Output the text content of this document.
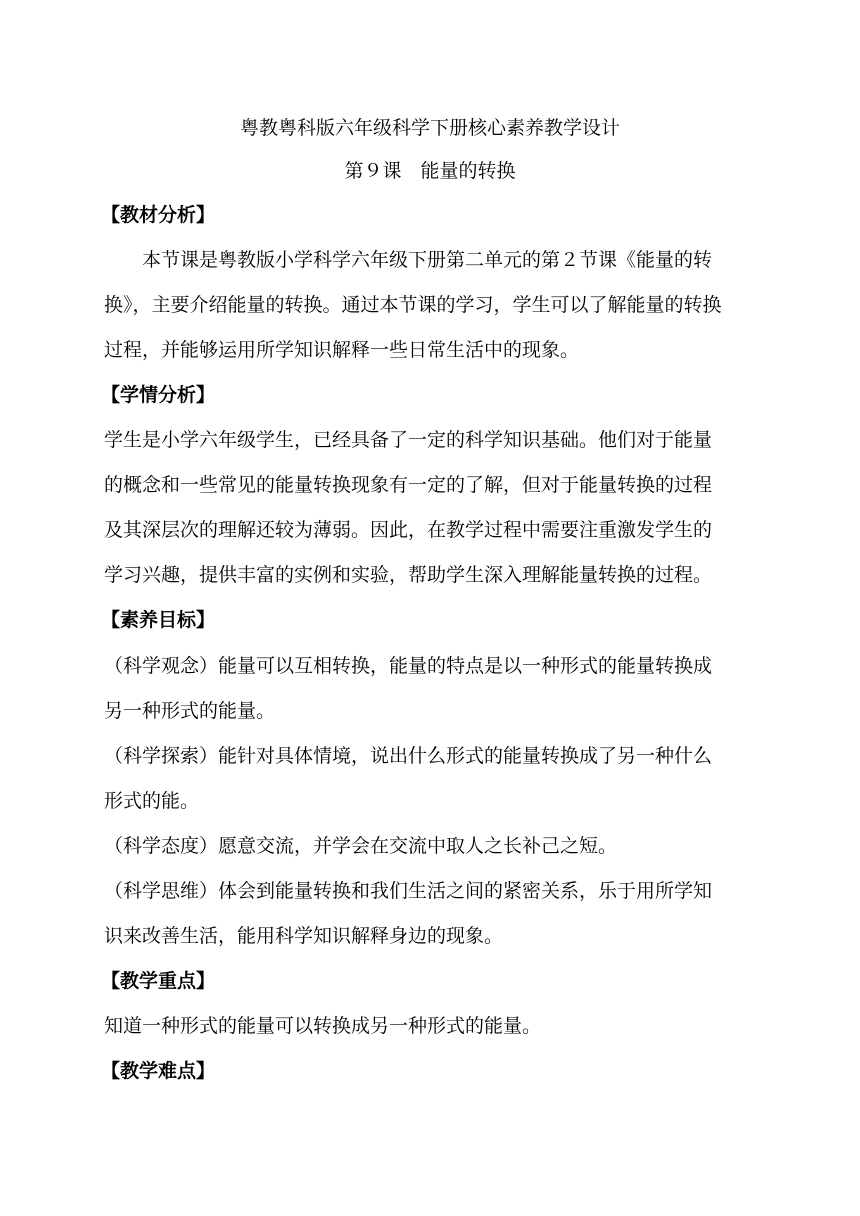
粤教粤科版六年级科学下册核心素养教学设计
第９课　能量的转换
【教材分析】
本节课是粤教版小学科学六年级下册第二单元的第２节课《能量的转
换》，主要介绍能量的转换。通过本节课的学习，学生可以了解能量的转换
过程，并能够运用所学知识解释一些日常生活中的现象。
【学情分析】
学生是小学六年级学生，已经具备了一定的科学知识基础。他们对于能量
的概念和一些常见的能量转换现象有一定的了解，但对于能量转换的过程
及其深层次的理解还较为薄弱。因此，在教学过程中需要注重激发学生的
学习兴趣，提供丰富的实例和实验，帮助学生深入理解能量转换的过程。
【素养目标】
（科学观念）能量可以互相转换，能量的特点是以一种形式的能量转换成
另一种形式的能量。
（科学探索）能针对具体情境，说出什么形式的能量转换成了另一种什么
形式的能。
（科学态度）愿意交流，并学会在交流中取人之长补己之短。
（科学思维）体会到能量转换和我们生活之间的紧密关系，乐于用所学知
识来改善生活，能用科学知识解释身边的现象。
【教学重点】
知道一种形式的能量可以转换成另一种形式的能量。
【教学难点】
